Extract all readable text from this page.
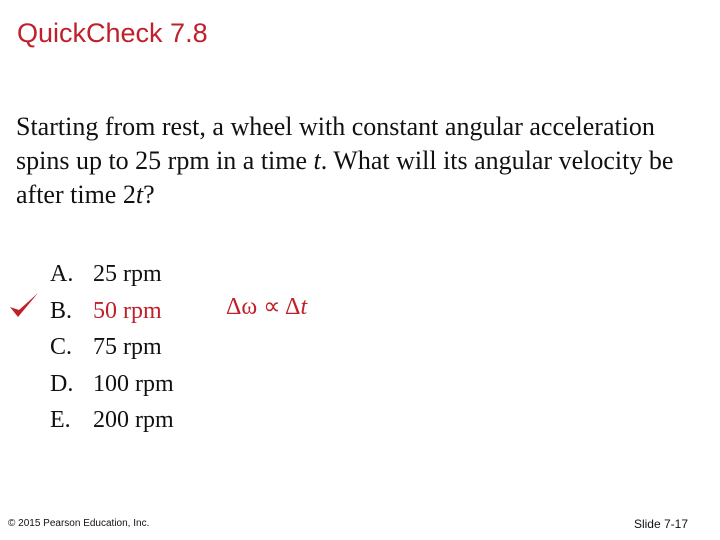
QuickCheck 7.8
Starting from rest, a wheel with constant angular acceleration spins up to 25 rpm in a time t. What will its angular velocity be after time 2t?
A. 25 rpm
B. 50 rpm
C. 75 rpm
D. 100 rpm
E. 200 rpm
Δω ∝ Δt
© 2015 Pearson Education, Inc.	Slide 7-17
